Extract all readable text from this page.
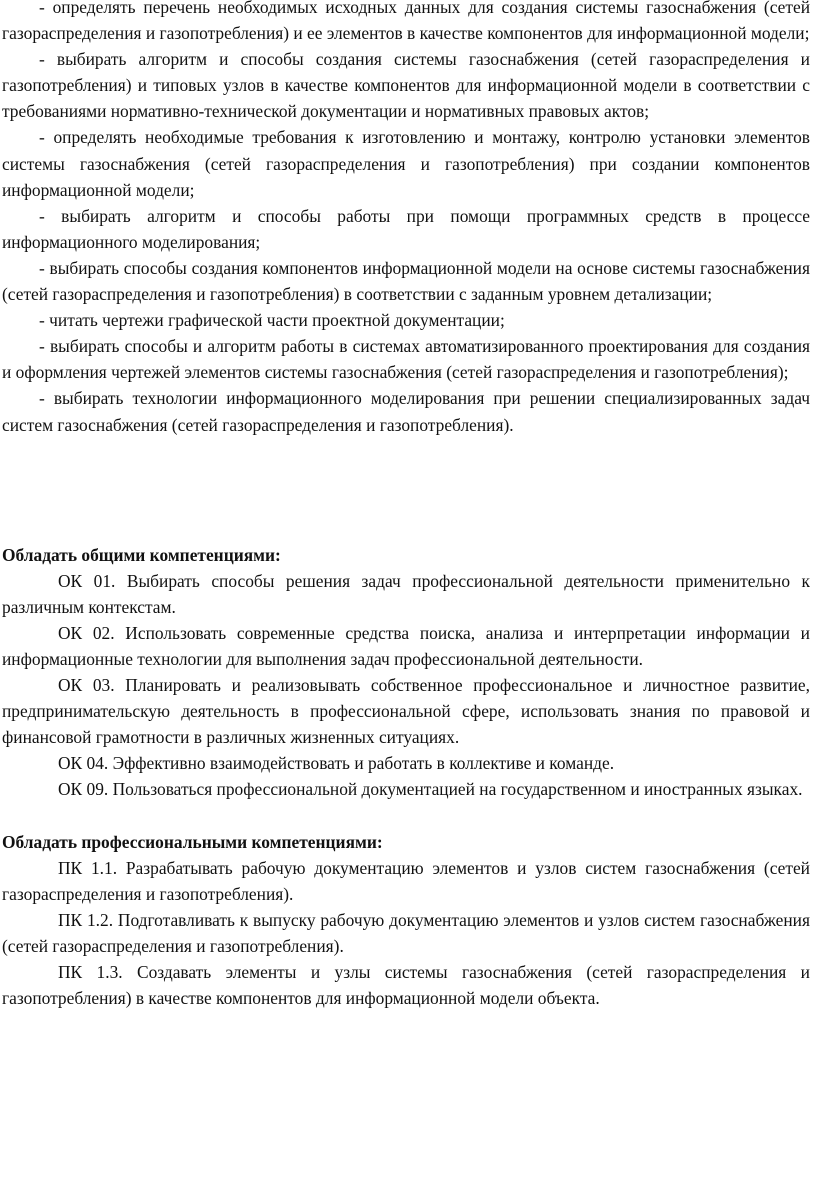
- определять перечень необходимых исходных данных для создания системы газоснабжения (сетей газораспределения и газопотребления) и ее элементов в качестве компонентов для информационной модели;

- выбирать алгоритм и способы создания системы газоснабжения (сетей газораспределения и газопотребления) и типовых узлов в качестве компонентов для информационной модели в соответствии с требованиями нормативно-технической документации и нормативных правовых актов;

- определять необходимые требования к изготовлению и монтажу, контролю установки элементов системы газоснабжения (сетей газораспределения и газопотребления) при создании компонентов информационной модели;

- выбирать алгоритм и способы работы при помощи программных средств в процессе информационного моделирования;

- выбирать способы создания компонентов информационной модели на основе системы газоснабжения (сетей газораспределения и газопотребления) в соответствии с заданным уровнем детализации;

- читать чертежи графической части проектной документации;

- выбирать способы и алгоритм работы в системах автоматизированного проектирования для создания и оформления чертежей элементов системы газоснабжения (сетей газораспределения и газопотребления);

- выбирать технологии информационного моделирования при решении специализированных задач систем газоснабжения (сетей газораспределения и газопотребления).

Обладать общими компетенциями:

ОК 01. Выбирать способы решения задач профессиональной деятельности применительно к различным контекстам.

ОК 02. Использовать современные средства поиска, анализа и интерпретации информации и информационные технологии для выполнения задач профессиональной деятельности.

ОК 03. Планировать и реализовывать собственное профессиональное и личностное развитие, предпринимательскую деятельность в профессиональной сфере, использовать знания по правовой и финансовой грамотности в различных жизненных ситуациях.

ОК 04. Эффективно взаимодействовать и работать в коллективе и команде.

ОК 09. Пользоваться профессиональной документацией на государственном и иностранных языках.

Обладать профессиональными компетенциями:

ПК 1.1. Разрабатывать рабочую документацию элементов и узлов систем газоснабжения (сетей газораспределения и газопотребления).

ПК 1.2. Подготавливать к выпуску рабочую документацию элементов и узлов систем газоснабжения (сетей газораспределения и газопотребления).

ПК 1.3. Создавать элементы и узлы системы газоснабжения (сетей газораспределения и газопотребления) в качестве компонентов для информационной модели объекта.
